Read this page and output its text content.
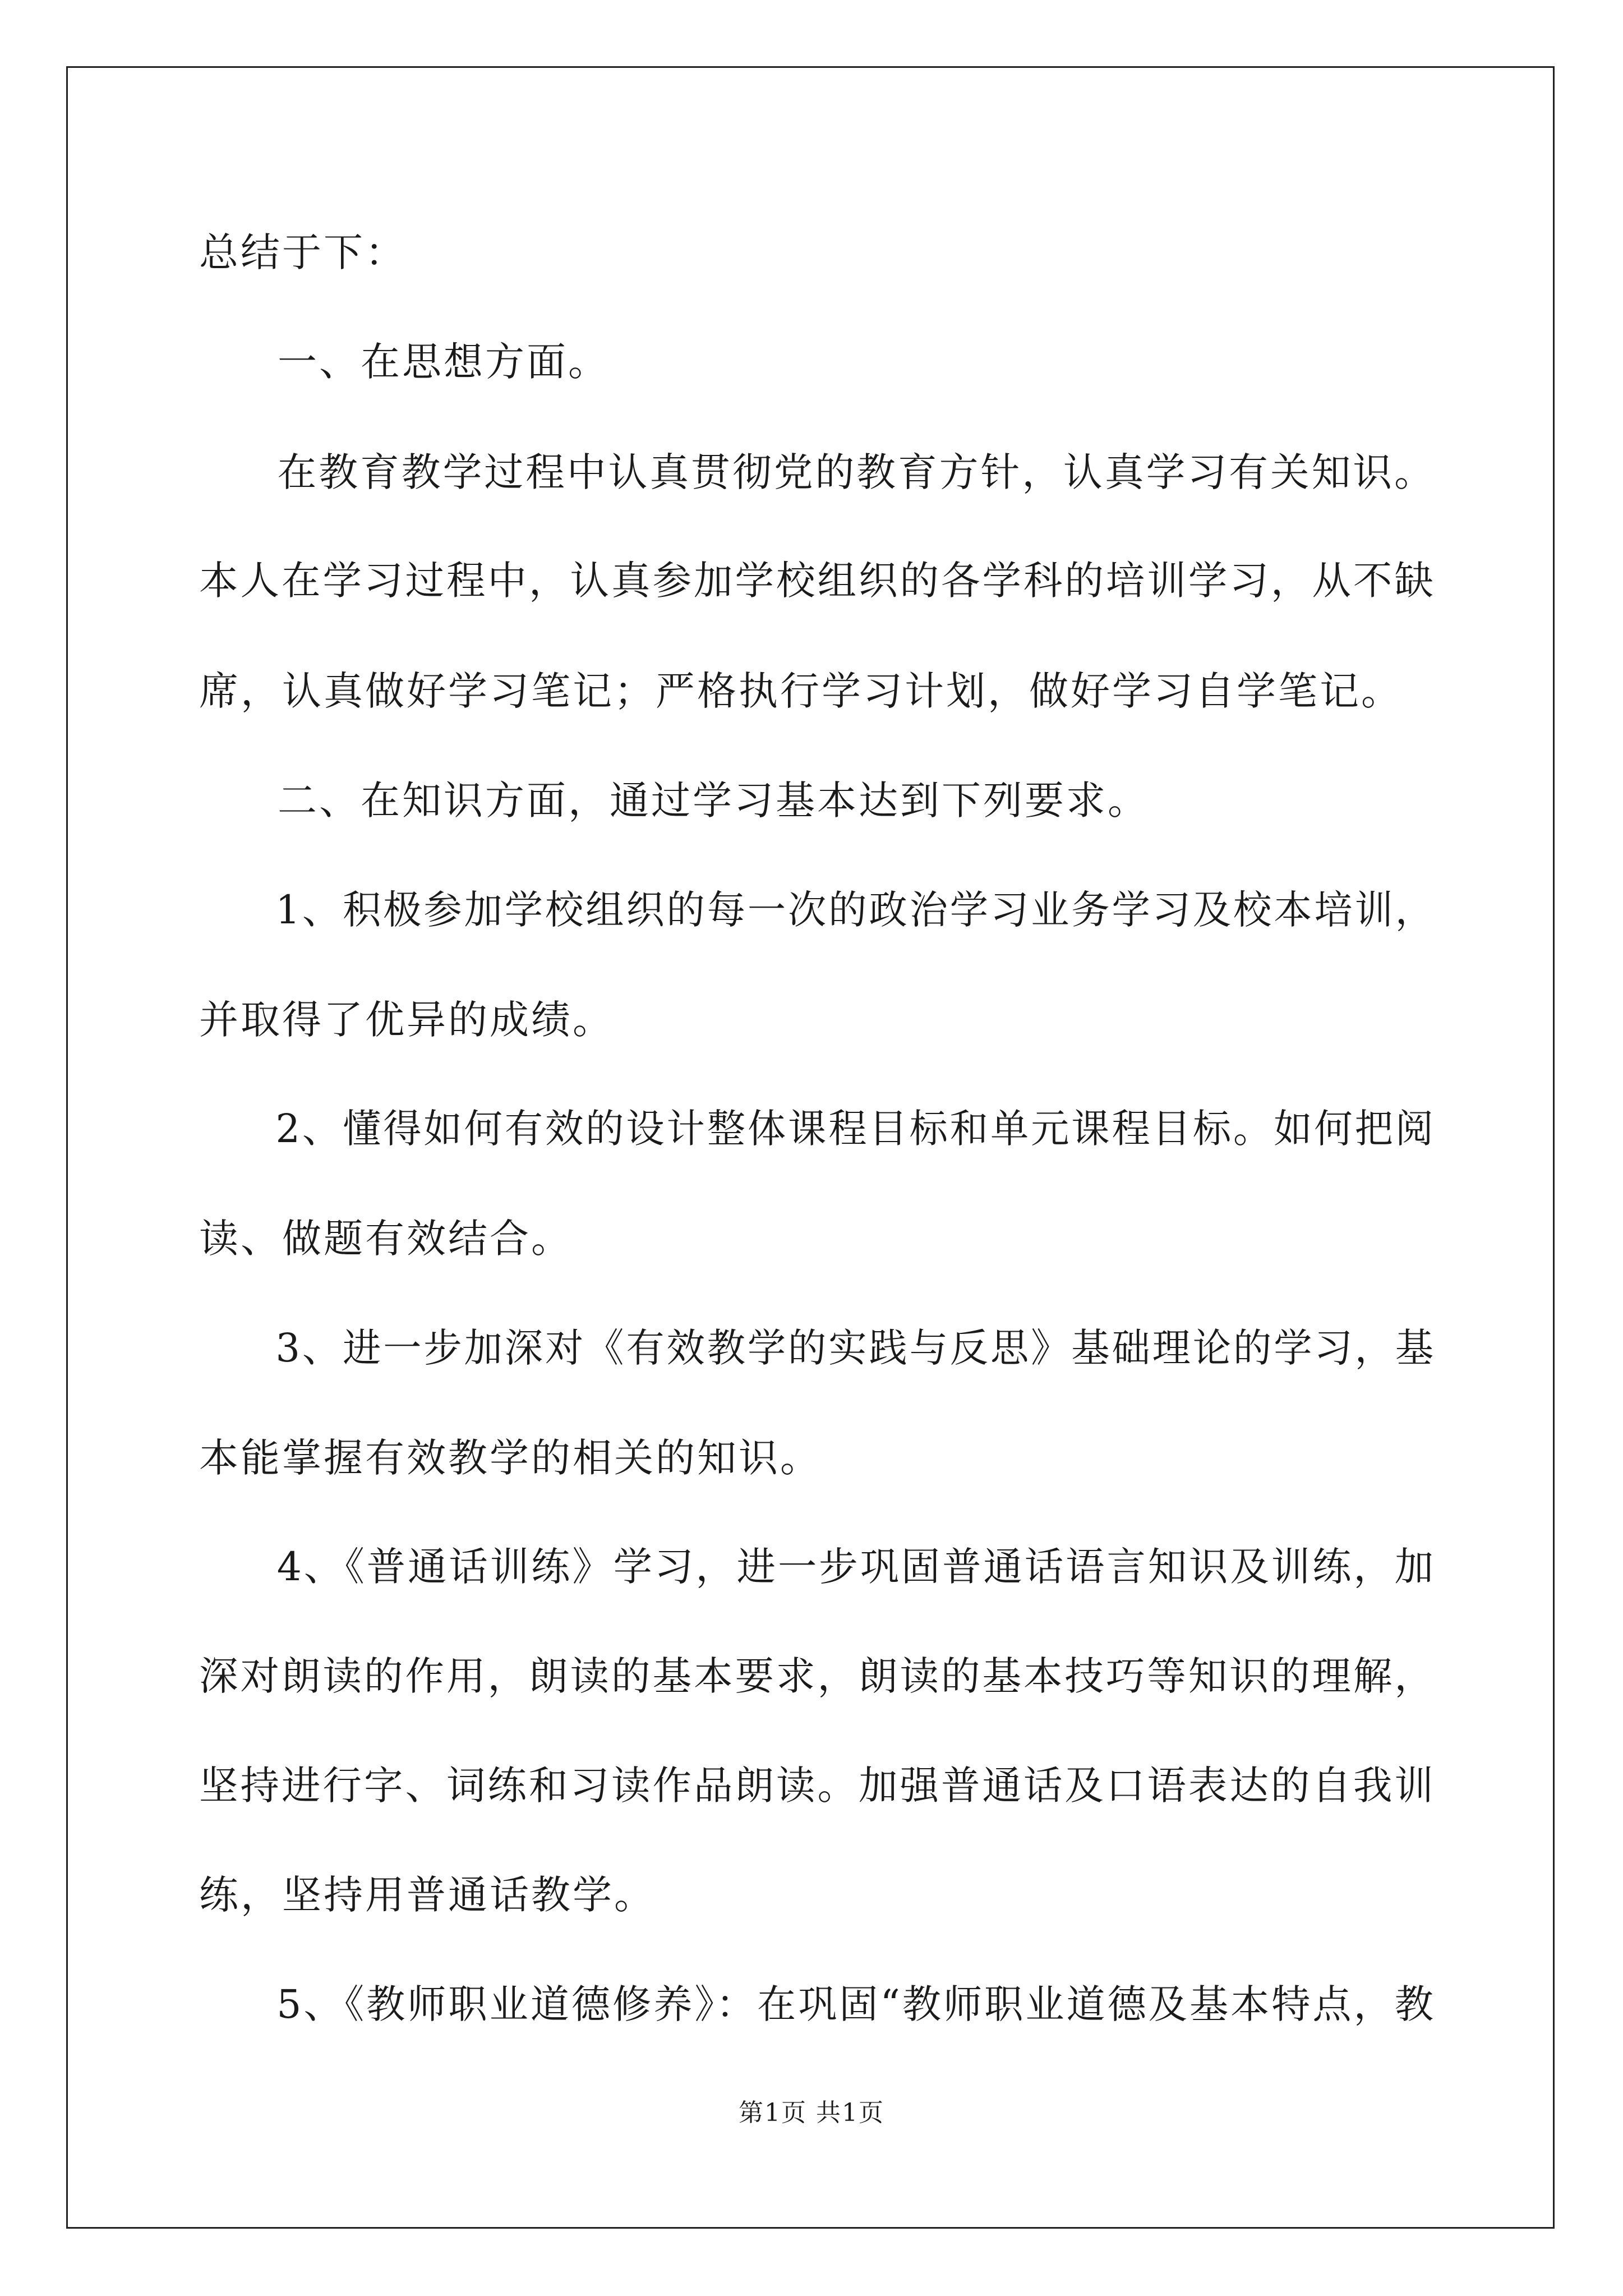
总结于下：

一、在思想方面。

在教育教学过程中认真贯彻党的教育方针，认真学习有关知识。

本人在学习过程中，认真参加学校组织的各学科的培训学习，从不缺

席，认真做好学习笔记；严格执行学习计划，做好学习自学笔记。

二、在知识方面，通过学习基本达到下列要求。

1、积极参加学校组织的每一次的政治学习业务学习及校本培训，

并取得了优异的成绩。

2、懂得如何有效的设计整体课程目标和单元课程目标。如何把阅

读、做题有效结合。

3、进一步加深对《有效教学的实践与反思》基础理论的学习，基

本能掌握有效教学的相关的知识。

4、《普通话训练》学习，进一步巩固普通话语言知识及训练，加

深对朗读的作用，朗读的基本要求，朗读的基本技巧等知识的理解，

坚持进行字、词练和习读作品朗读。加强普通话及口语表达的自我训

练，坚持用普通话教学。

5、《教师职业道德修养》：在巩固“教师职业道德及基本特点，教

第1页 共1页
